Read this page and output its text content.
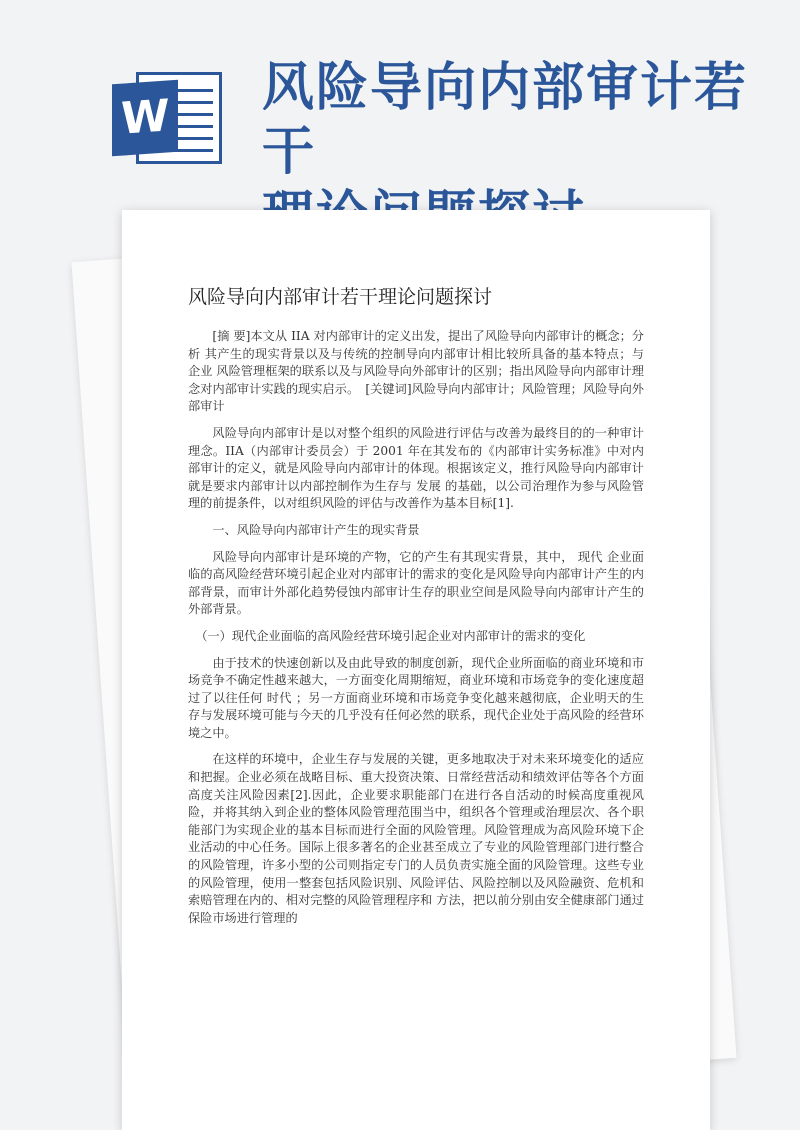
W 风险导向内部审计若干
风险导向内部审计若干理论问题探讨

[摘 要]本文从 IIA 对内部审计的定义出发，提出了风险导向内部审计的概念；分析 其产生的现实背景以及与传统的控制导向内部审计相比较所具备的基本特点；与 企业 风险管理框架的联系以及与风险导向外部审计的区别；指出风险导向内部审计理念对内部审计实践的现实启示。　[关键词]风险导向内部审计；风险管理；风险导向外部审计

风险导向内部审计是以对整个组织的风险进行评估与改善为最终目的的一种审计理念。IIA（内部审计委员会）于 2001 年在其发布的《内部审计实务标准》中对内部审计的定义，就是风险导向内部审计的体现。根据该定义，推行风险导向内部审计就是要求内部审计以内部控制作为生存与 发展 的基础，以公司治理作为参与风险管理的前提条件，以对组织风险的评估与改善作为基本目标[1].

一、风险导向内部审计产生的现实背景

风险导向内部审计是环境的产物，它的产生有其现实背景，其中， 现代 企业面临的高风险经营环境引起企业对内部审计的需求的变化是风险导向内部审计产生的内部背景，而审计外部化趋势侵蚀内部审计生存的职业空间是风险导向内部审计产生的外部背景。

（一）现代企业面临的高风险经营环境引起企业对内部审计的需求的变化

由于技术的快速创新以及由此导致的制度创新，现代企业所面临的商业环境和市场竞争不确定性越来越大，一方面变化周期缩短，商业环境和市场竞争的变化速度超过了以往任何 时代 ；另一方面商业环境和市场竞争变化越来越彻底，企业明天的生存与发展环境可能与今天的几乎没有任何必然的联系，现代企业处于高风险的经营环境之中。

在这样的环境中，企业生存与发展的关键，更多地取决于对未来环境变化的适应和把握。企业必须在战略目标、重大投资决策、日常经营活动和绩效评估等各个方面高度关注风险因素[2].因此，企业要求职能部门在进行各自活动的时候高度重视风险，并将其纳入到企业的整体风险管理范围当中，组织各个管理或治理层次、各个职能部门为实现企业的基本目标而进行全面的风险管理。风险管理成为高风险环境下企业活动的中心任务。国际上很多著名的企业甚至成立了专业的风险管理部门进行整合的风险管理，许多小型的公司则指定专门的人员负责实施全面的风险管理。这些专业的风险管理，使用一整套包括风险识别、风险评估、风险控制以及风险融资、危机和索赔管理在内的、相对完整的风险管理程序和 方法，把以前分别由安全健康部门通过保险市场进行管理的
